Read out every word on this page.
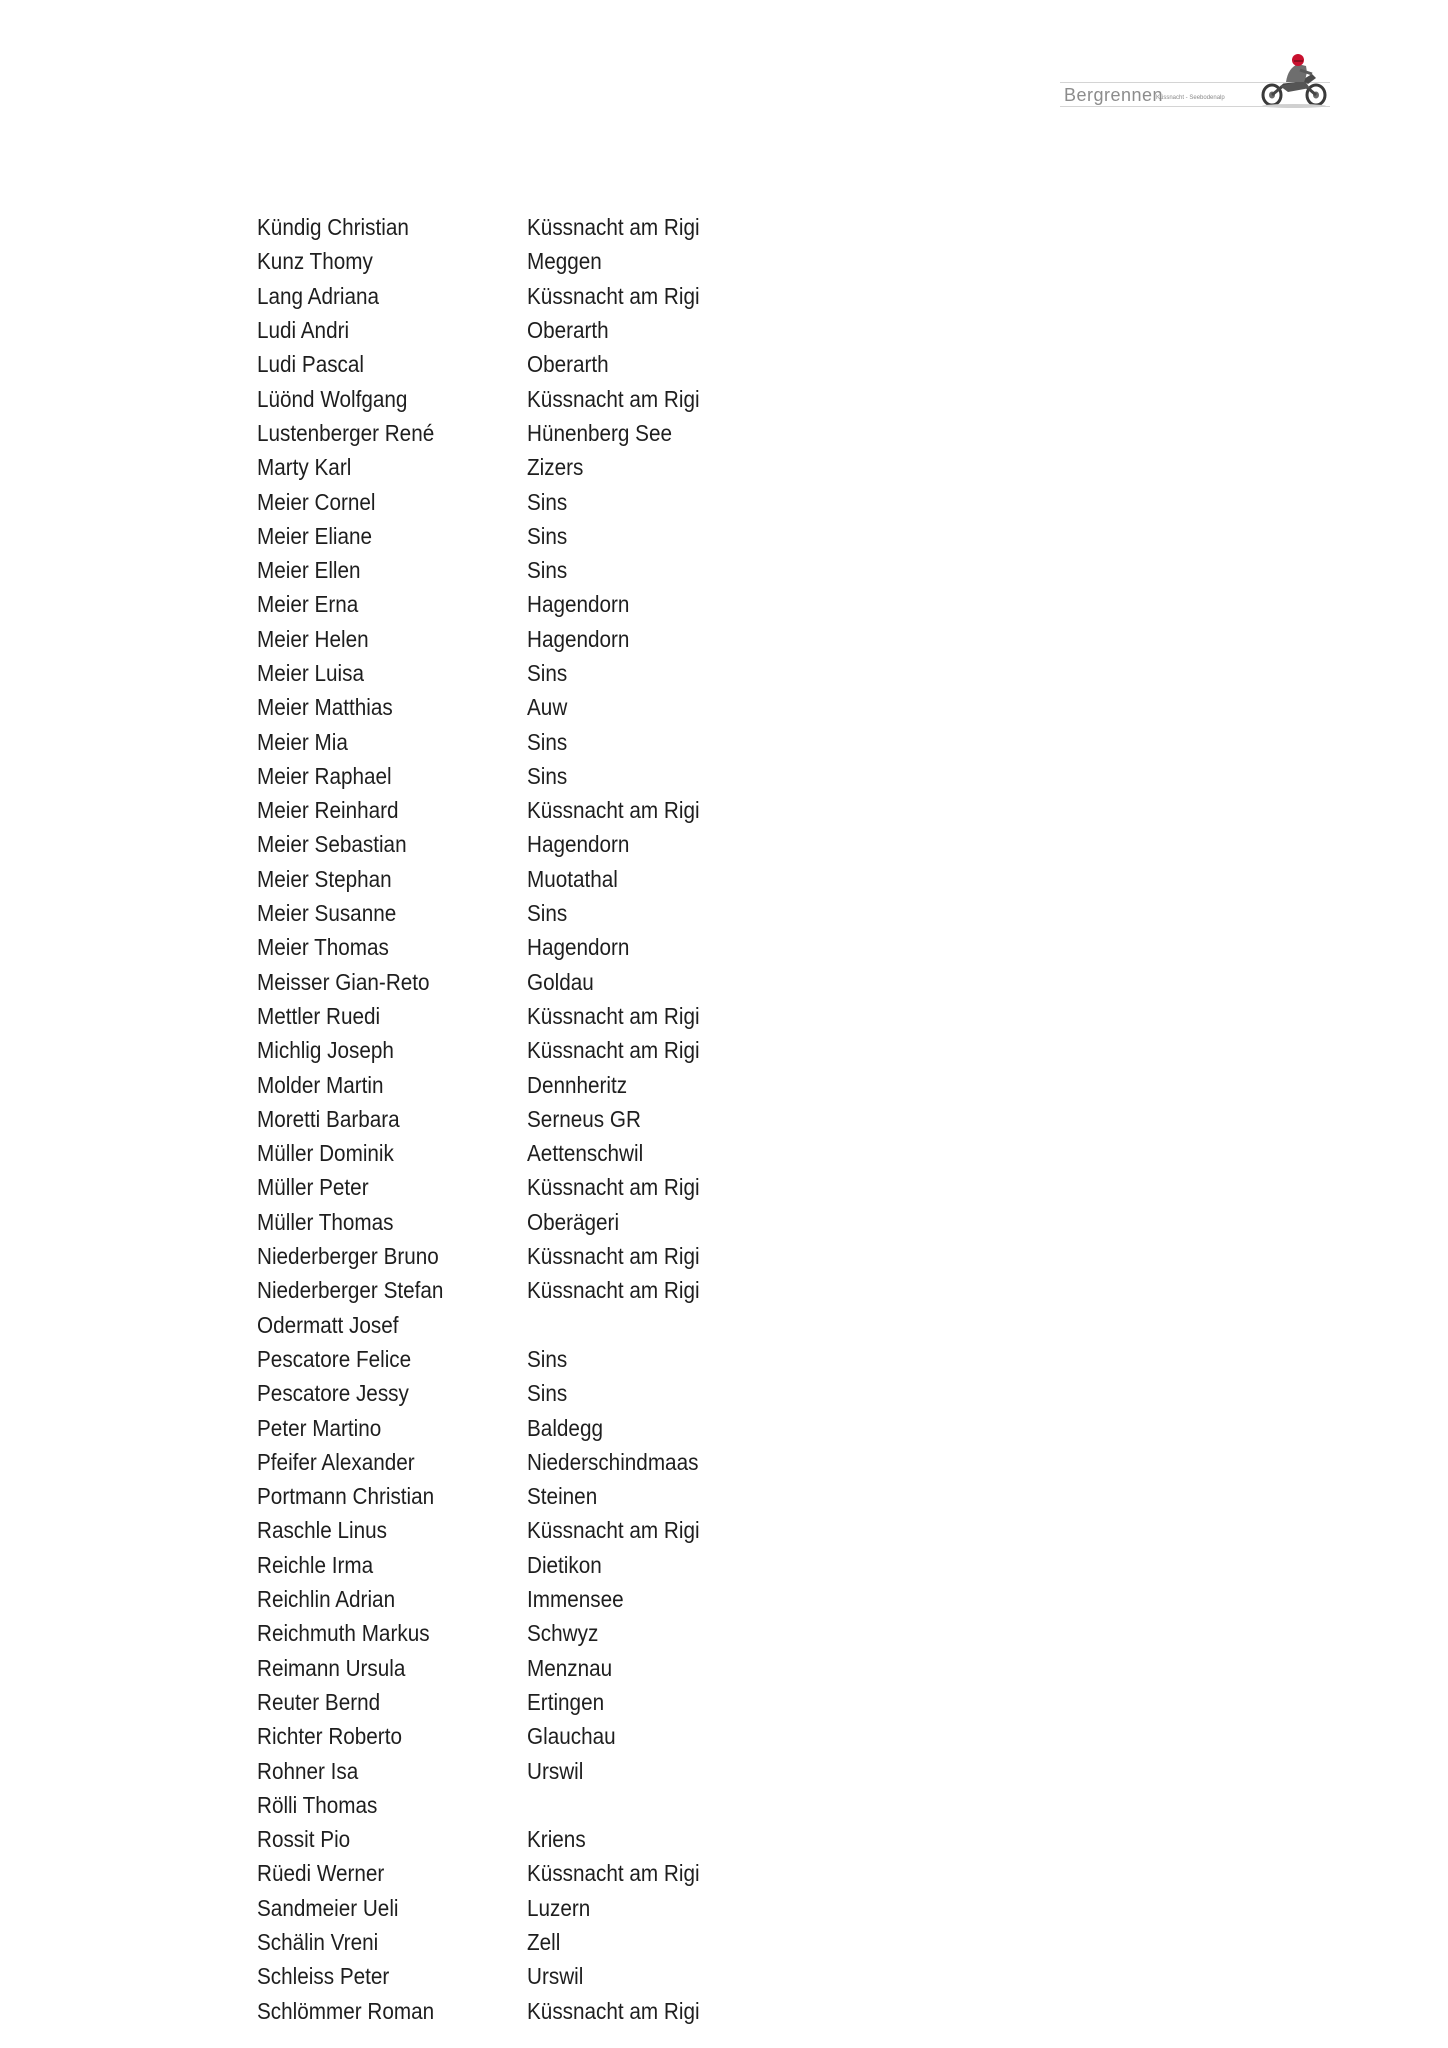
Bergrennen
Küssnacht - Seebodenalp
Kündig Christian	Küssnacht am Rigi
Kunz Thomy	Meggen
Lang Adriana	Küssnacht am Rigi
Ludi Andri	Oberarth
Ludi Pascal	Oberarth
Lüönd Wolfgang	Küssnacht am Rigi
Lustenberger René	Hünenberg See
Marty Karl	Zizers
Meier Cornel	Sins
Meier Eliane	Sins
Meier Ellen	Sins
Meier Erna	Hagendorn
Meier Helen	Hagendorn
Meier Luisa	Sins
Meier Matthias	Auw
Meier Mia	Sins
Meier Raphael	Sins
Meier Reinhard	Küssnacht am Rigi
Meier Sebastian	Hagendorn
Meier Stephan	Muotathal
Meier Susanne	Sins
Meier Thomas	Hagendorn
Meisser Gian-Reto	Goldau
Mettler Ruedi	Küssnacht am Rigi
Michlig Joseph	Küssnacht am Rigi
Molder Martin	Dennheritz
Moretti Barbara	Serneus GR
Müller Dominik	Aettenschwil
Müller Peter	Küssnacht am Rigi
Müller Thomas	Oberägeri
Niederberger Bruno	Küssnacht am Rigi
Niederberger Stefan	Küssnacht am Rigi
Odermatt Josef
Pescatore Felice	Sins
Pescatore Jessy	Sins
Peter Martino	Baldegg
Pfeifer Alexander	Niederschindmaas
Portmann Christian	Steinen
Raschle Linus	Küssnacht am Rigi
Reichle Irma	Dietikon
Reichlin Adrian	Immensee
Reichmuth Markus	Schwyz
Reimann Ursula	Menznau
Reuter Bernd	Ertingen
Richter Roberto	Glauchau
Rohner Isa	Urswil
Rölli Thomas
Rossit Pio	Kriens
Rüedi Werner	Küssnacht am Rigi
Sandmeier Ueli	Luzern
Schälin Vreni	Zell
Schleiss Peter	Urswil
Schlömmer Roman	Küssnacht am Rigi
